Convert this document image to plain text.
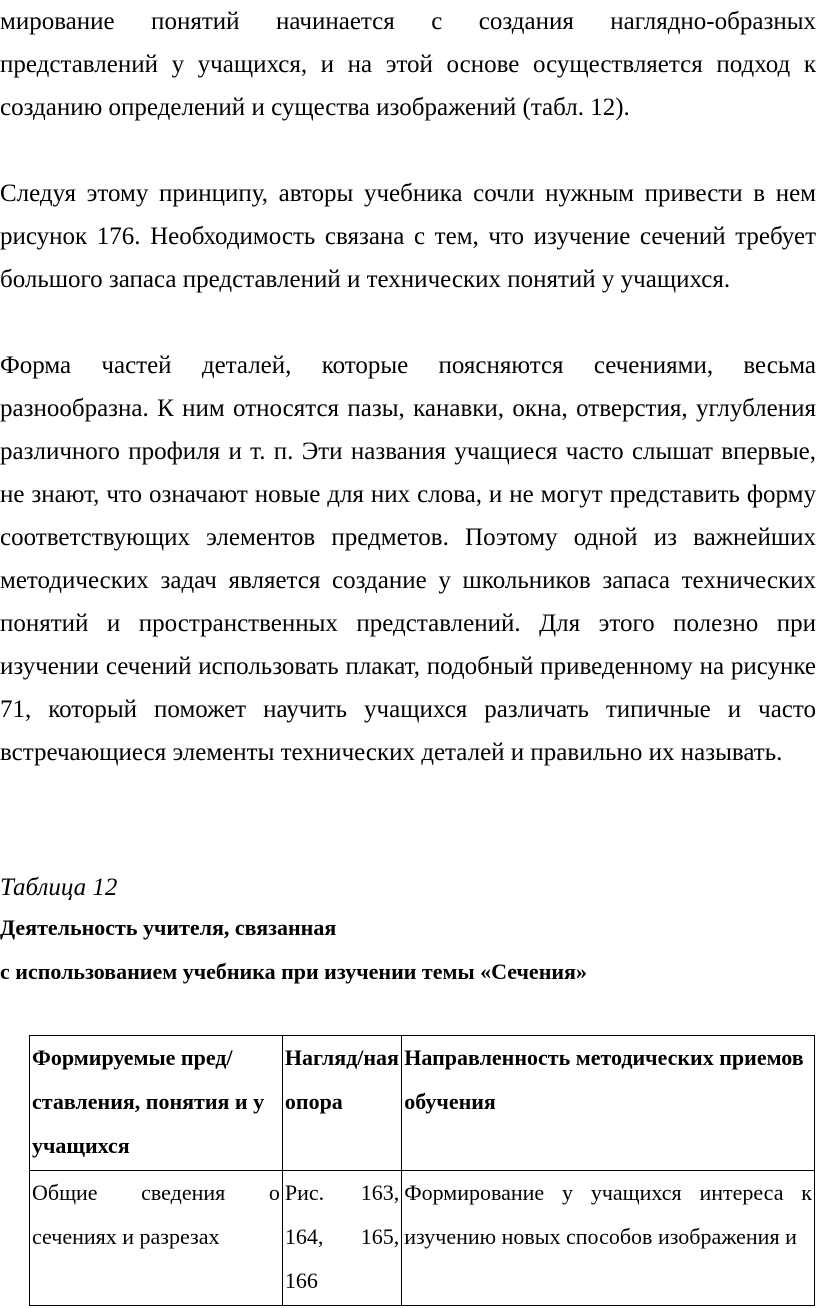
мирование понятий начинается с создания наглядно-образных представлений у учащихся, и на этой основе осуществляется подход к созданию определений и существа изображений (табл. 12).

Следуя этому принципу, авторы учебника сочли нужным привести в нем рисунок 176. Необходимость связана с тем, что изучение сечений требует большого запаса представлений и технических понятий у учащихся.

Форма частей деталей, которые поясняются сечениями, весьма разнообразна. К ним относятся пазы, канавки, окна, отверстия, углубления различного профиля и т. п. Эти названия учащиеся часто слышат впервые, не знают, что означают новые для них слова, и не могут представить форму соответствующих элементов предметов. Поэтому одной из важнейших методических задач является создание у школьников запаса технических понятий и пространственных представлений. Для этого полезно при изучении сечений использовать плакат, подобный приведенному на рисунке 71, который поможет научить учащихся различать типичные и часто встречающиеся элементы технических деталей и правильно их называть.

Таблица 12
Деятельность учителя, связанная
с использованием учебника при изучении темы «Сечения»
Формируемые пред/ставления, понятия и у учащихся	Нагляд/ная опора	Направленность методических приемов обучения

Общие сведения о сечениях и разрезах	Рис. 163, 164, 165, 166	Формирование у учащихся интереса к изучению новых способов изображения и
